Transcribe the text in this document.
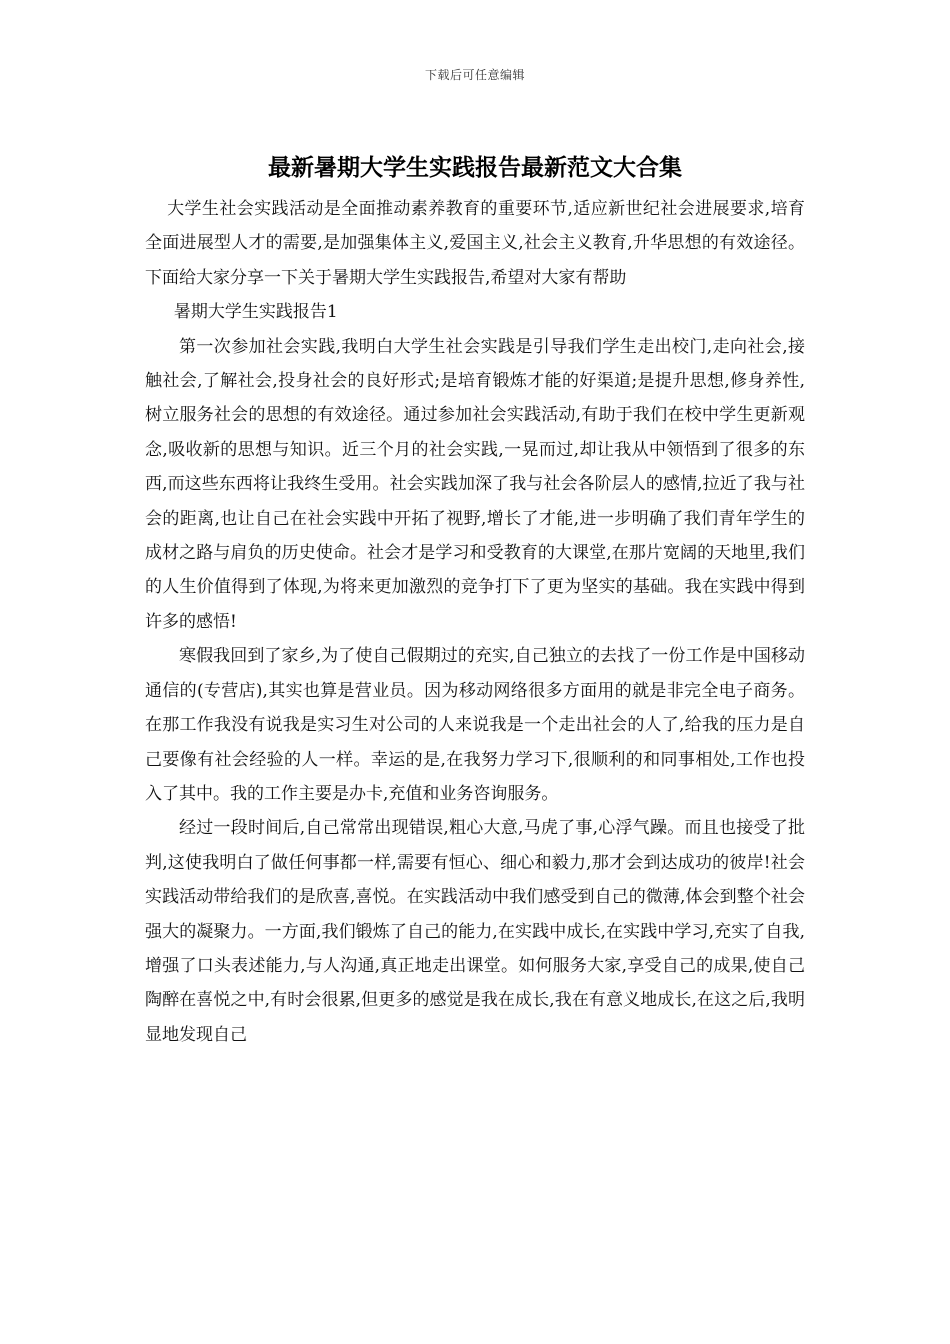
下载后可任意编辑
最新暑期大学生实践报告最新范文大合集

大学生社会实践活动是全面推动素养教育的重要环节,适应新世纪社会进展要求,培育全面进展型人才的需要,是加强集体主义,爱国主义,社会主义教育,升华思想的有效途径。下面给大家分享一下关于暑期大学生实践报告,希望对大家有帮助

暑期大学生实践报告1

第一次参加社会实践,我明白大学生社会实践是引导我们学生走出校门,走向社会,接触社会,了解社会,投身社会的良好形式;是培育锻炼才能的好渠道;是提升思想,修身养性,树立服务社会的思想的有效途径。通过参加社会实践活动,有助于我们在校中学生更新观念,吸收新的思想与知识。近三个月的社会实践,一晃而过,却让我从中领悟到了很多的东西,而这些东西将让我终生受用。社会实践加深了我与社会各阶层人的感情,拉近了我与社会的距离,也让自己在社会实践中开拓了视野,增长了才能,进一步明确了我们青年学生的成材之路与肩负的历史使命。社会才是学习和受教育的大课堂,在那片宽阔的天地里,我们的人生价值得到了体现,为将来更加激烈的竞争打下了更为坚实的基础。我在实践中得到许多的感悟!

寒假我回到了家乡,为了使自己假期过的充实,自己独立的去找了一份工作是中国移动通信的(专营店),其实也算是营业员。因为移动网络很多方面用的就是非完全电子商务。在那工作我没有说我是实习生对公司的人来说我是一个走出社会的人了,给我的压力是自己要像有社会经验的人一样。幸运的是,在我努力学习下,很顺利的和同事相处,工作也投入了其中。我的工作主要是办卡,充值和业务咨询服务。

经过一段时间后,自己常常出现错误,粗心大意,马虎了事,心浮气躁。而且也接受了批判,这使我明白了做任何事都一样,需要有恒心、细心和毅力,那才会到达成功的彼岸!社会实践活动带给我们的是欣喜,喜悦。在实践活动中我们感受到自己的微薄,体会到整个社会强大的凝聚力。一方面,我们锻炼了自己的能力,在实践中成长,在实践中学习,充实了自我,增强了口头表述能力,与人沟通,真正地走出课堂。如何服务大家,享受自己的成果,使自己陶醉在喜悦之中,有时会很累,但更多的感觉是我在成长,我在有意义地成长,在这之后,我明显地发现自己
